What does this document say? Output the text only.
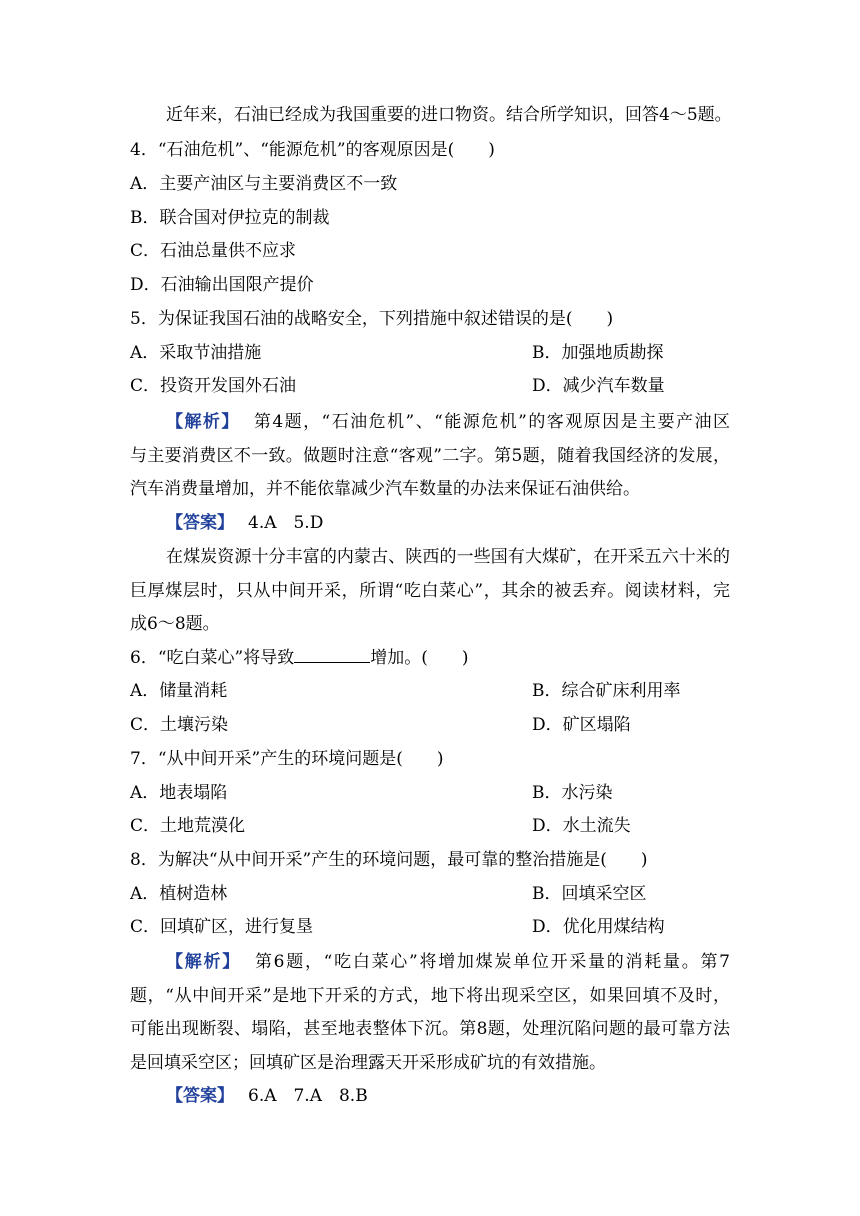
近年来，石油已经成为我国重要的进口物资。结合所学知识，回答4～5题。
4．“石油危机”、“能源危机”的客观原因是(　　)
A．主要产油区与主要消费区不一致
B．联合国对伊拉克的制裁
C．石油总量供不应求
D．石油输出国限产提价
5．为保证我国石油的战略安全，下列措施中叙述错误的是(　　)
A．采取节油措施	B．加强地质勘探
C．投资开发国外石油	D．减少汽车数量
【解析】 第4题，“石油危机”、“能源危机”的客观原因是主要产油区
与主要消费区不一致。做题时注意“客观”二字。第5题，随着我国经济的发展，
汽车消费量增加，并不能依靠减少汽车数量的办法来保证石油供给。
【答案】 4.A　5.D
在煤炭资源十分丰富的内蒙古、陕西的一些国有大煤矿，在开采五六十米的
巨厚煤层时，只从中间开采，所谓“吃白菜心”，其余的被丢弃。阅读材料，完
成6～8题。
6．“吃白菜心”将导致	增加。(　　)
A．储量消耗	B．综合矿床利用率
C．土壤污染	D．矿区塌陷
7．“从中间开采”产生的环境问题是(　　)
A．地表塌陷	B．水污染
C．土地荒漠化	D．水土流失
8．为解决“从中间开采”产生的环境问题，最可靠的整治措施是(　　)
A．植树造林	B．回填采空区
C．回填矿区，进行复垦	D．优化用煤结构
【解析】 第6题，“吃白菜心”将增加煤炭单位开采量的消耗量。第7
题，“从中间开采”是地下开采的方式，地下将出现采空区，如果回填不及时，
可能出现断裂、塌陷，甚至地表整体下沉。第8题，处理沉陷问题的最可靠方法
是回填采空区；回填矿区是治理露天开采形成矿坑的有效措施。
【答案】 6.A　7.A　8.B
